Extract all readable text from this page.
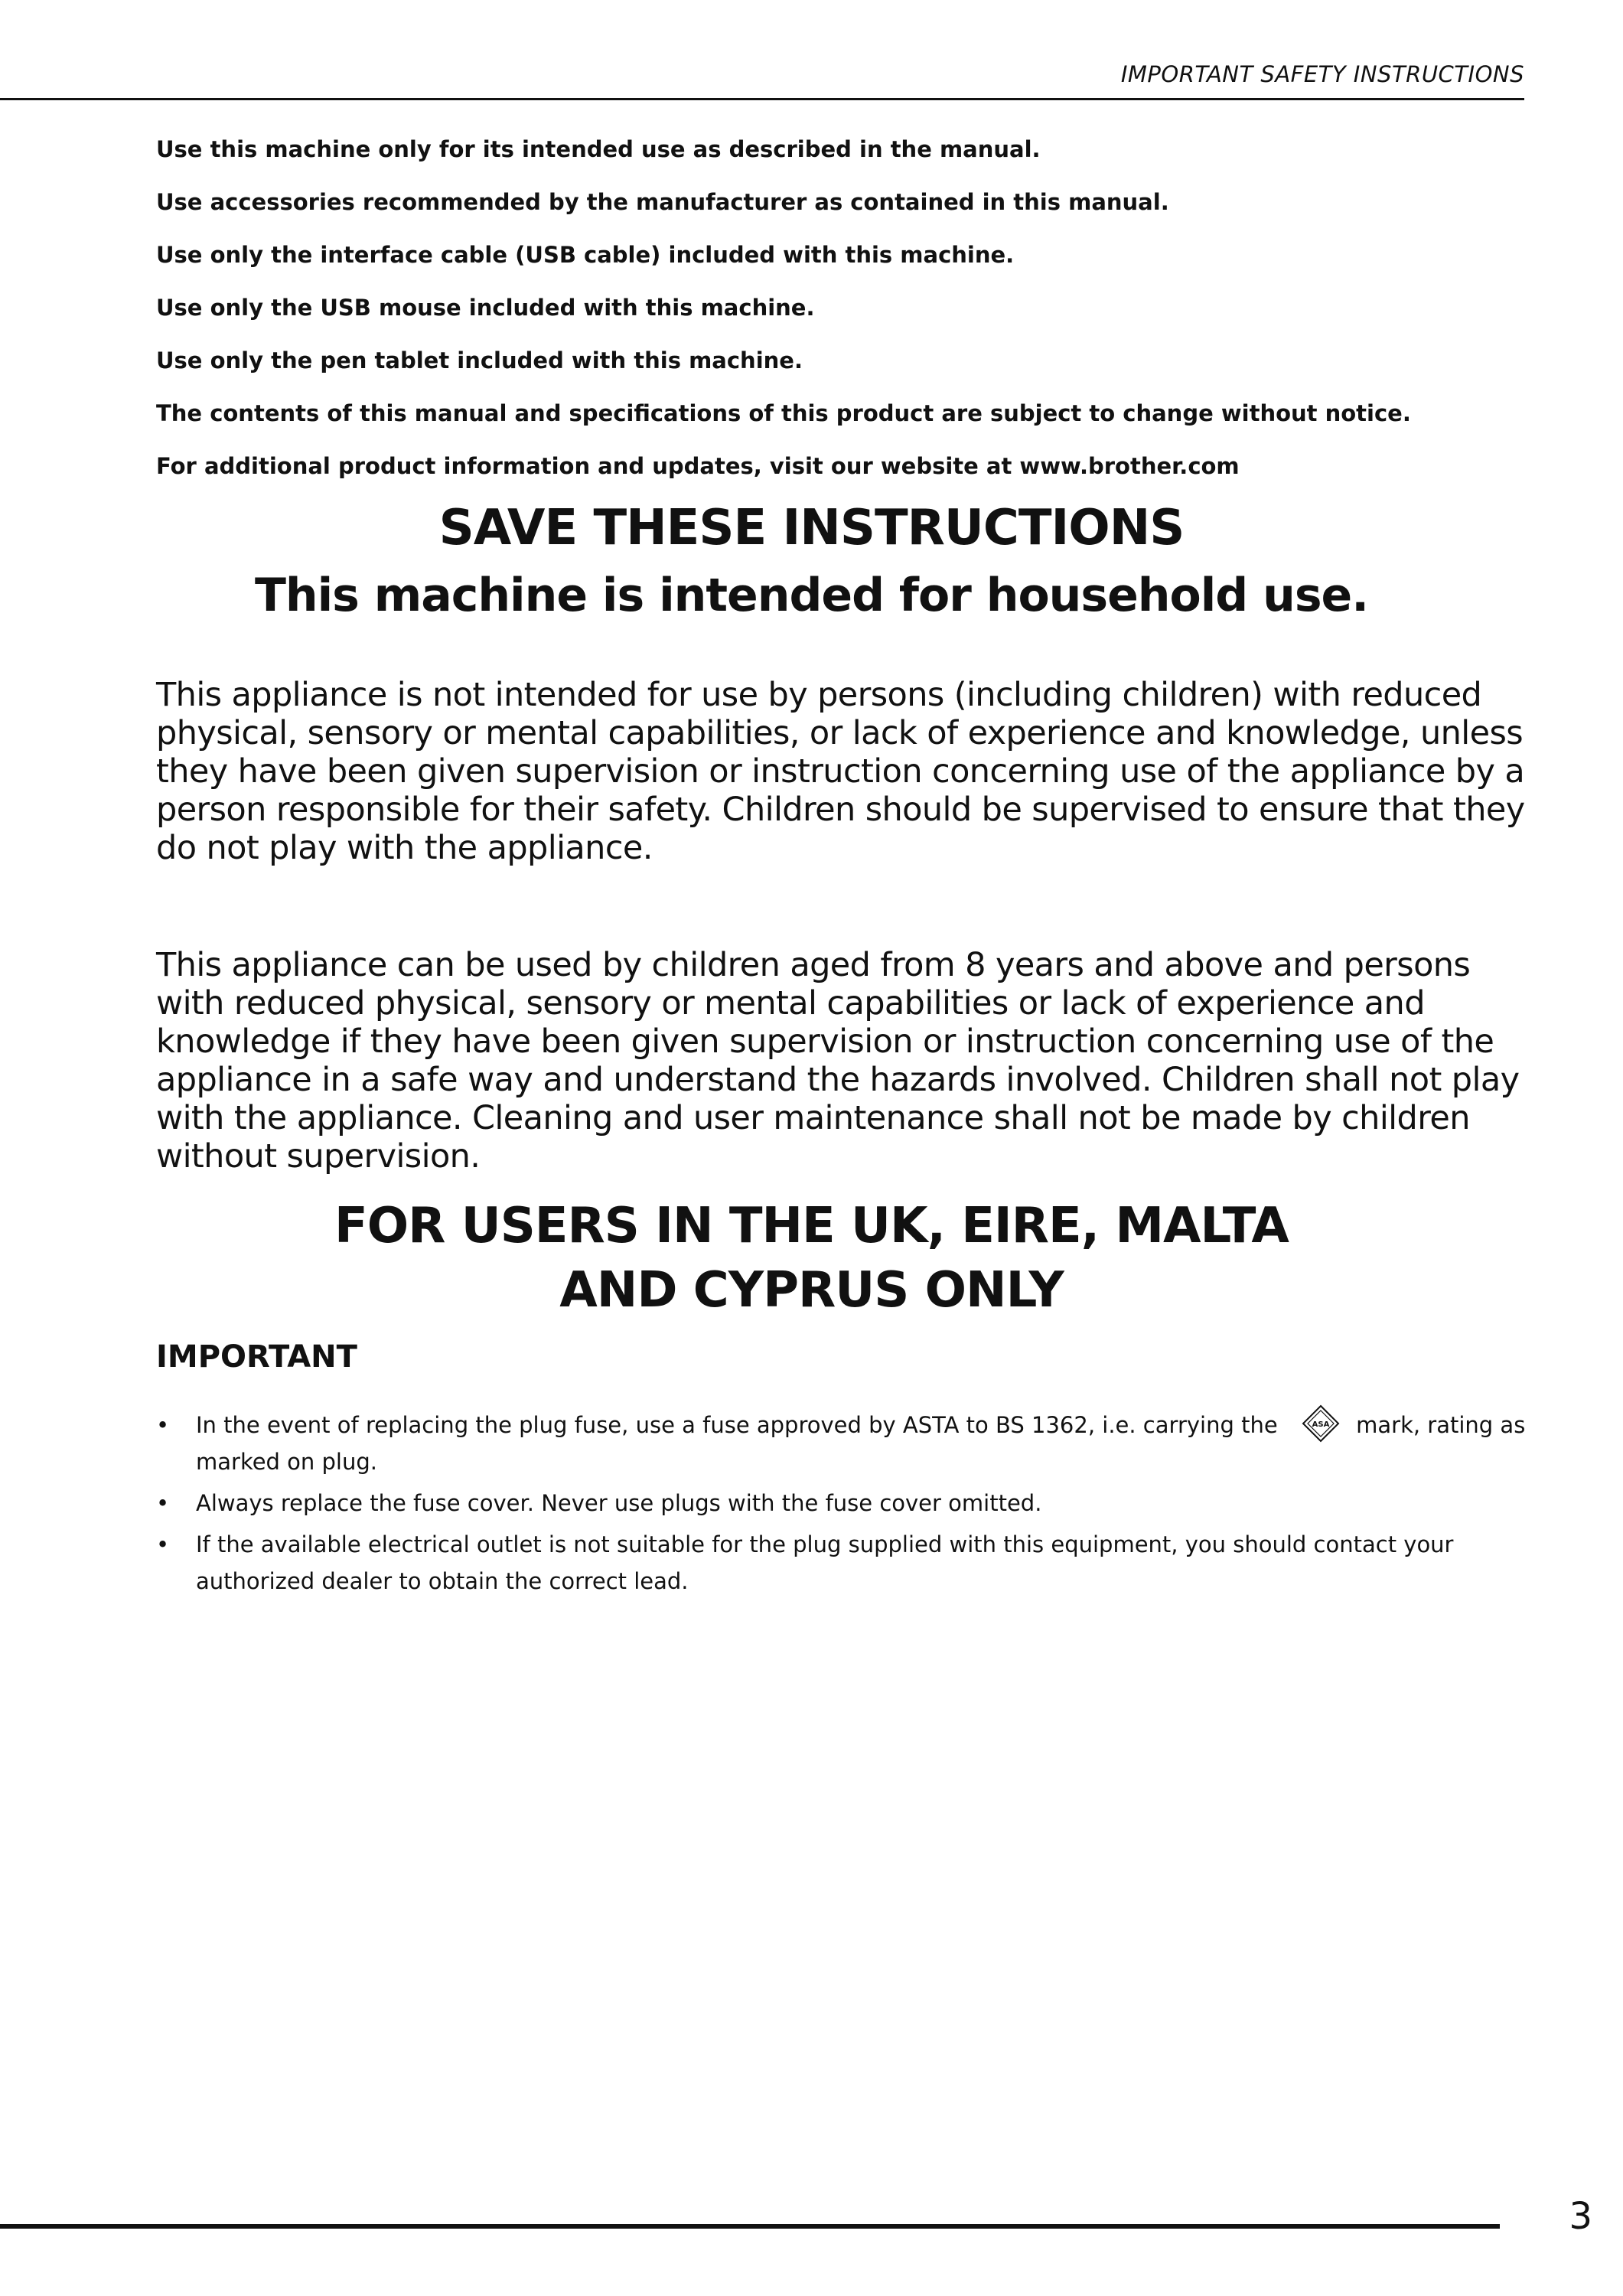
IMPORTANT SAFETY INSTRUCTIONS
Use this machine only for its intended use as described in the manual.
Use accessories recommended by the manufacturer as contained in this manual.
Use only the interface cable (USB cable) included with this machine.
Use only the USB mouse included with this machine.
Use only the pen tablet included with this machine.
The contents of this manual and specifications of this product are subject to change without notice.
For additional product information and updates, visit our website at www.brother.com
SAVE THESE INSTRUCTIONS
This machine is intended for household use.
This appliance is not intended for use by persons (including children) with reduced physical, sensory or mental capabilities, or lack of experience and knowledge, unless they have been given supervision or instruction concerning use of the appliance by a person responsible for their safety. Children should be supervised to ensure that they do not play with the appliance.
This appliance can be used by children aged from 8 years and above and persons with reduced physical, sensory or mental capabilities or lack of experience and knowledge if they have been given supervision or instruction concerning use of the appliance in a safe way and understand the hazards involved. Children shall not play with the appliance. Cleaning and user maintenance shall not be made by children without supervision.
FOR USERS IN THE UK, EIRE, MALTA
AND CYPRUS ONLY
IMPORTANT
• In the event of replacing the plug fuse, use a fuse approved by ASTA to BS 1362, i.e. carrying the	ASA mark, rating as marked on plug.
• Always replace the fuse cover. Never use plugs with the fuse cover omitted.
• If the available electrical outlet is not suitable for the plug supplied with this equipment, you should contact your authorized dealer to obtain the correct lead.
3
